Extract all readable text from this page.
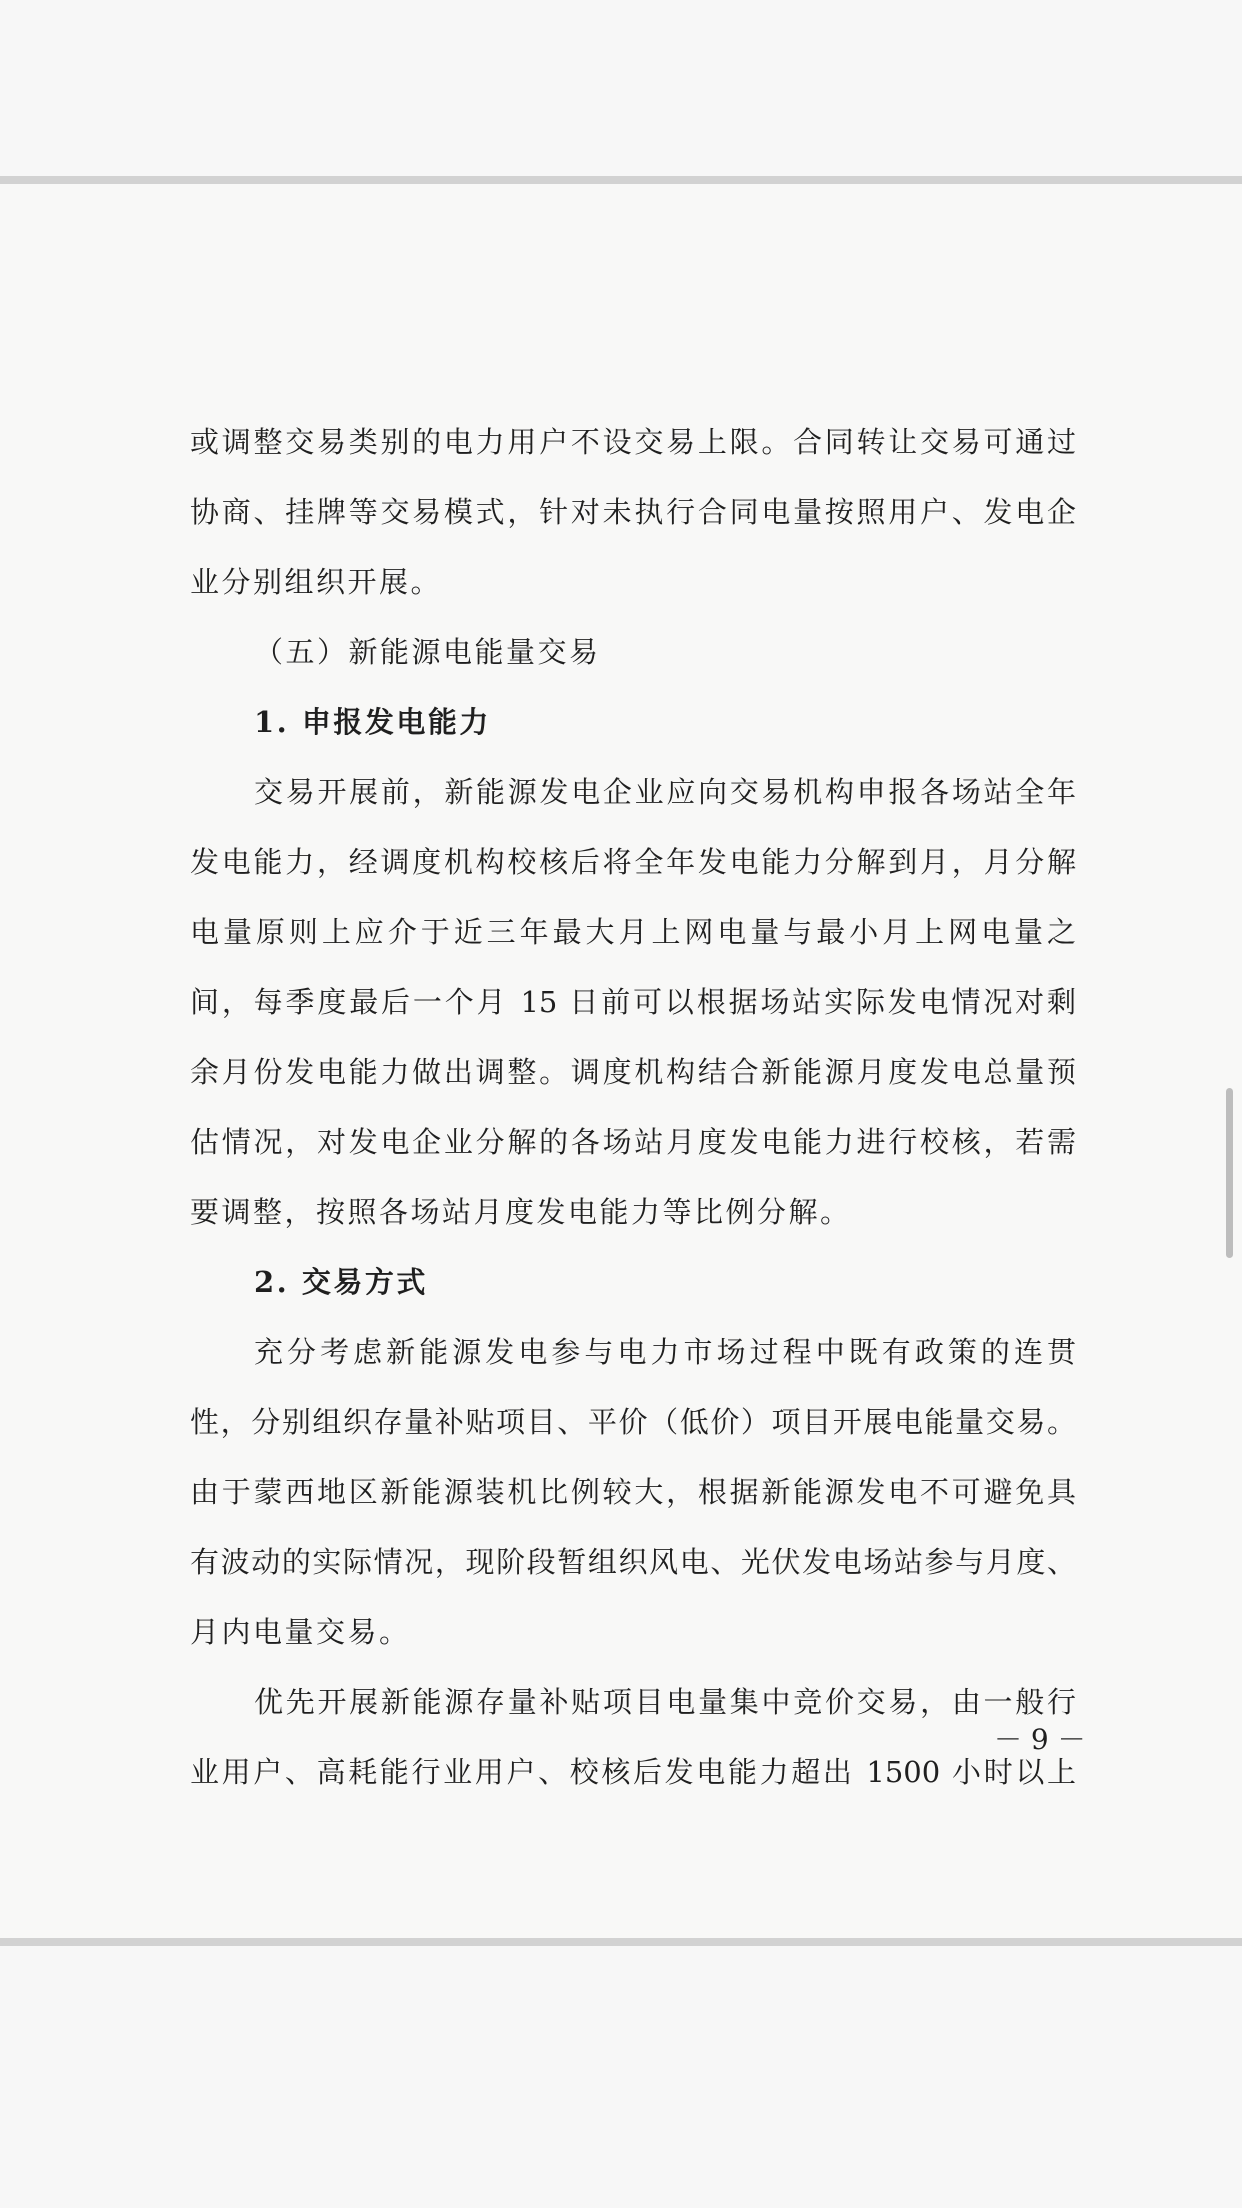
或调整交易类别的电力用户不设交易上限。合同转让交易可通过
协商、挂牌等交易模式，针对未执行合同电量按照用户、发电企
业分别组织开展。
（五）新能源电能量交易
1. 申报发电能力
交易开展前，新能源发电企业应向交易机构申报各场站全年
发电能力，经调度机构校核后将全年发电能力分解到月，月分解
电量原则上应介于近三年最大月上网电量与最小月上网电量之
间，每季度最后一个月 15 日前可以根据场站实际发电情况对剩
余月份发电能力做出调整。调度机构结合新能源月度发电总量预
估情况，对发电企业分解的各场站月度发电能力进行校核，若需
要调整，按照各场站月度发电能力等比例分解。
2. 交易方式
充分考虑新能源发电参与电力市场过程中既有政策的连贯
性，分别组织存量补贴项目、平价（低价）项目开展电能量交易。
由于蒙西地区新能源装机比例较大，根据新能源发电不可避免具
有波动的实际情况，现阶段暂组织风电、光伏发电场站参与月度、
月内电量交易。
优先开展新能源存量补贴项目电量集中竞价交易，由一般行
业用户、高耗能行业用户、校核后发电能力超出 1500 小时以上
－ 9 －
